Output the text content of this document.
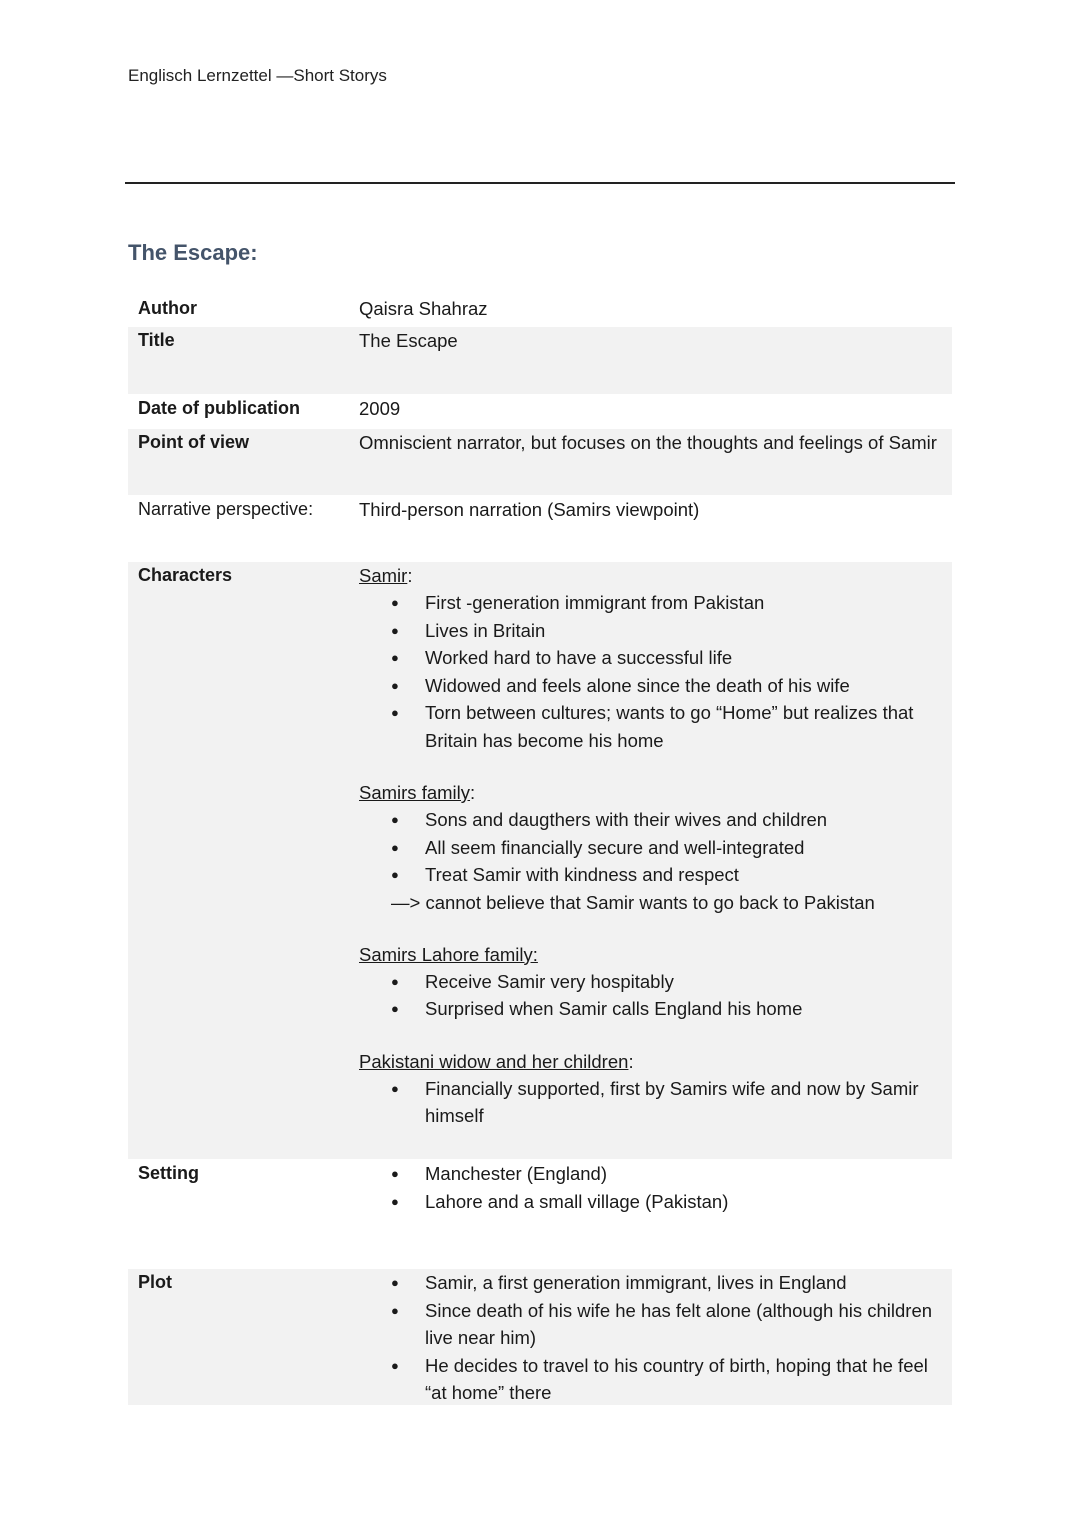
Englisch Lernzettel —Short Storys
The Escape:
Author	Qaisra Shahraz
Title	The Escape
Date of publication	2009
Point of view	Omniscient narrator, but focuses on the thoughts and feelings of Samir
Narrative perspective: Third-person narration (Samirs viewpoint)
Characters	Samir:
● First -generation immigrant from Pakistan
● Lives in Britain
● Worked hard to have a successful life
● Widowed and feels alone since the death of his wife
● Torn between cultures; wants to go “Home” but realizes that Britain has become his home
Samirs family:
● Sons and daugthers with their wives and children
● All seem financially secure and well-integrated
● Treat Samir with kindness and respect
—> cannot believe that Samir wants to go back to Pakistan
Samirs Lahore family:
● Receive Samir very hospitably
● Surprised when Samir calls England his home
Pakistani widow and her children:
● Financially supported, first by Samirs wife and now by Samir himself
Setting	● Manchester (England)
● Lahore and a small village (Pakistan)
Plot	● Samir, a first generation immigrant, lives in England
● Since death of his wife he has felt alone (although his children live near him)
● He decides to travel to his country of birth, hoping that he feel “at home” there
